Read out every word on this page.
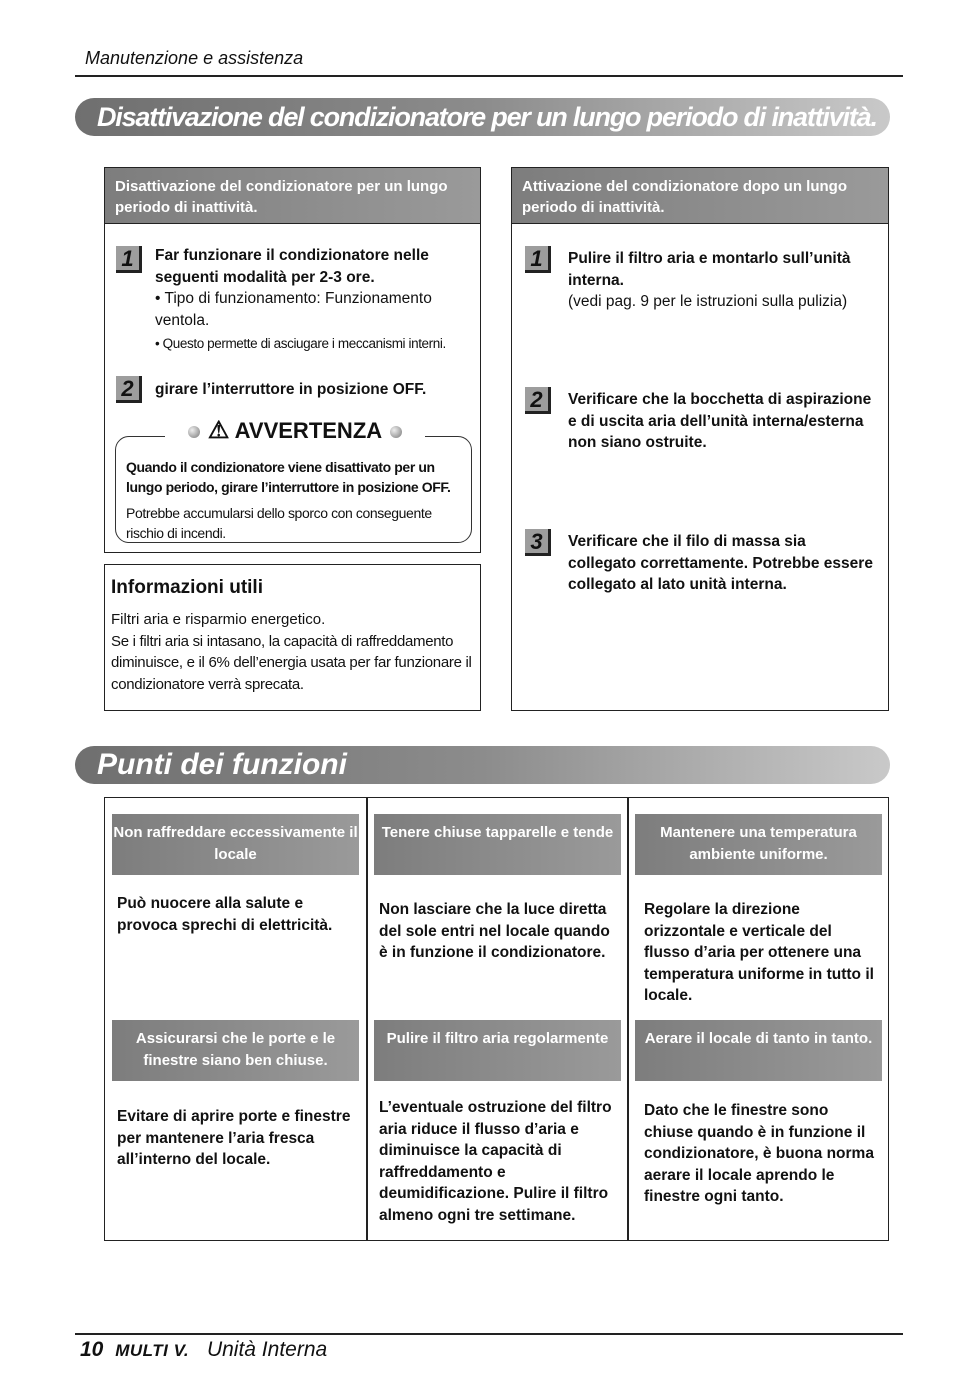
Manutenzione e assistenza
Disattivazione del condizionatore per un lungo periodo di inattività.
Disattivazione del condizionatore per un lungo periodo di inattività.
1	Far funzionare il condizionatore nelle seguenti modalità per 2-3 ore.
• Tipo di funzionamento: Funzionamento ventola.
• Questo permette di asciugare i meccanismi interni.
2	girare l’interruttore in posizione OFF.
Quando il condizionatore viene disattivato per un lungo periodo, girare l’interruttore in posizione OFF.
Potrebbe accumularsi dello sporco con conseguente rischio di incendi.
⚠ AVVERTENZA
Informazioni utili
Filtri aria e risparmio energetico.
Se i filtri aria si intasano, la capacità di raffreddamento diminuisce, e il 6% dell’energia usata per far funzionare il condizionatore verrà sprecata.
Attivazione del condizionatore dopo un lungo periodo di inattività.
1	Pulire il filtro aria e montarlo sull’unità interna.
(vedi pag. 9 per le istruzioni sulla pulizia)
2	Verificare che la bocchetta di aspirazione e di uscita aria dell’unità interna/esterna non siano ostruite.
3	Verificare che il filo di massa sia collegato correttamente. Potrebbe essere collegato al lato unità interna.
Punti dei funzioni
Non raffreddare eccessivamente il locale
Può nuocere alla salute e provoca sprechi di elettricità.
Assicurarsi che le porte e le finestre siano ben chiuse.
Evitare di aprire porte e finestre per mantenere l’aria fresca all’interno del locale.
Tenere chiuse tapparelle e tende
Non lasciare che la luce diretta del sole entri nel locale quando è in funzione il condizionatore.
Pulire il filtro aria regolarmente
L’eventuale ostruzione del filtro aria riduce il flusso d’aria e diminuisce la capacità di raffreddamento e deumidificazione. Pulire il filtro almeno ogni tre settimane.
Mantenere una temperatura ambiente uniforme.
Regolare la direzione orizzontale e verticale del flusso d’aria per ottenere una temperatura uniforme in tutto il locale.
Aerare il locale di tanto in tanto.
Dato che le finestre sono chiuse quando è in funzione il condizionatore, è buona norma aerare il locale aprendo le finestre ogni tanto.
10 MULTI V. Unità Interna
